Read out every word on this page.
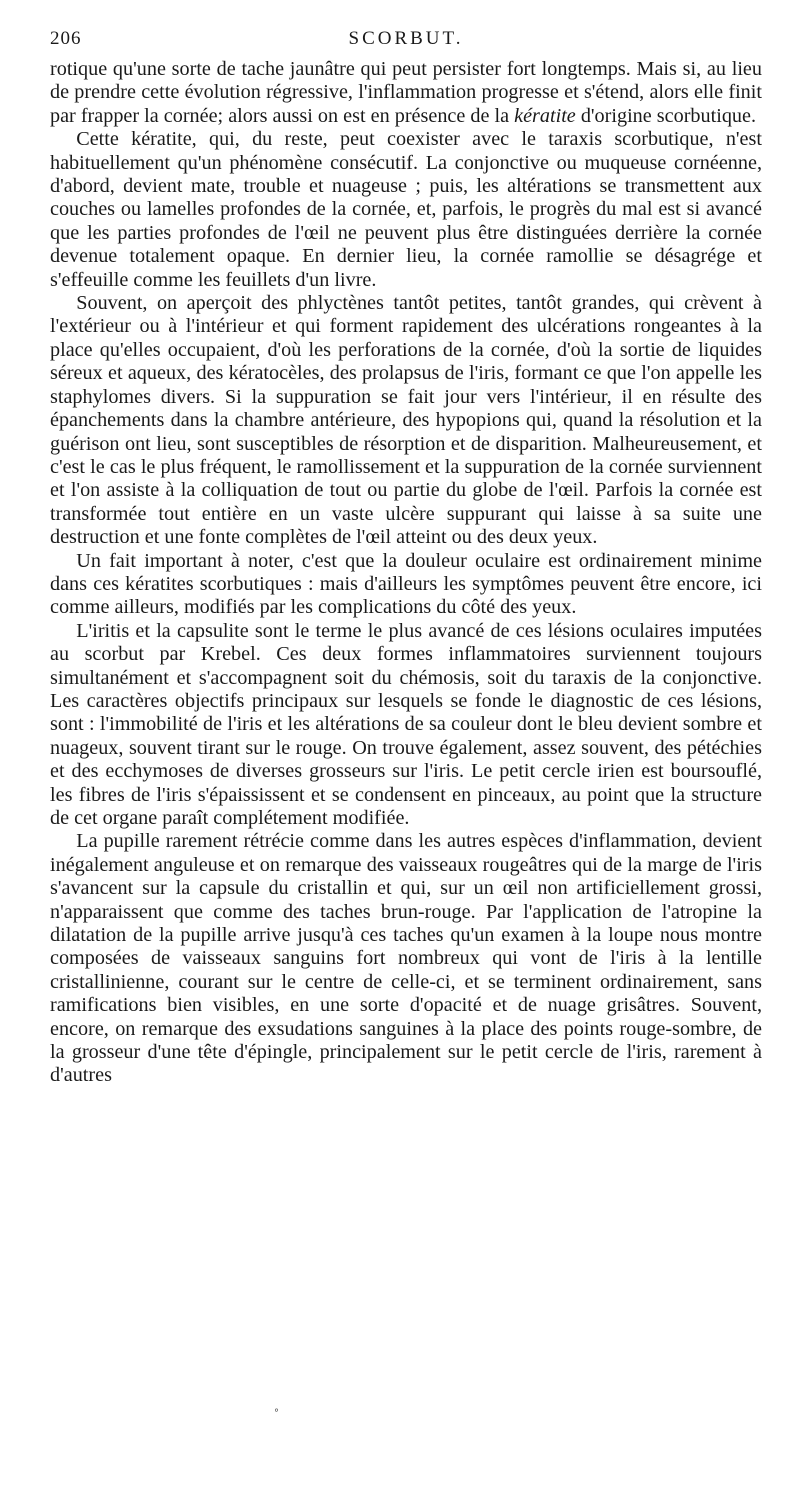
206	SCORBUT.

rotique qu'une sorte de tache jaunâtre qui peut persister fort longtemps. Mais si, au lieu de prendre cette évolution régressive, l'inflammation progresse et s'étend, alors elle finit par frapper la cornée; alors aussi on est en présence de la kératite d'origine scorbutique.

Cette kératite, qui, du reste, peut coexister avec le taraxis scorbutique, n'est habituellement qu'un phénomène consécutif. La conjonctive ou muqueuse cornéenne, d'abord, devient mate, trouble et nuageuse ; puis, les altérations se transmettent aux couches ou lamelles profondes de la cornée, et, parfois, le progrès du mal est si avancé que les parties profondes de l'œil ne peuvent plus être distinguées derrière la cornée devenue totalement opaque. En dernier lieu, la cornée ramollie se désagrége et s'effeuille comme les feuillets d'un livre.

Souvent, on aperçoit des phlyctènes tantôt petites, tantôt grandes, qui crèvent à l'extérieur ou à l'intérieur et qui forment rapidement des ulcérations rongeantes à la place qu'elles occupaient, d'où les perforations de la cornée, d'où la sortie de liquides séreux et aqueux, des kératocèles, des prolapsus de l'iris, formant ce que l'on appelle les staphylomes divers. Si la suppuration se fait jour vers l'intérieur, il en résulte des épanchements dans la chambre antérieure, des hypopions qui, quand la résolution et la guérison ont lieu, sont susceptibles de résorption et de disparition. Malheureusement, et c'est le cas le plus fréquent, le ramollissement et la suppuration de la cornée surviennent et l'on assiste à la colliquation de tout ou partie du globe de l'œil. Parfois la cornée est transformée tout entière en un vaste ulcère suppurant qui laisse à sa suite une destruction et une fonte complètes de l'œil atteint ou des deux yeux.

Un fait important à noter, c'est que la douleur oculaire est ordinairement minime dans ces kératites scorbutiques : mais d'ailleurs les symptômes peuvent être encore, ici comme ailleurs, modifiés par les complications du côté des yeux.

L'iritis et la capsulite sont le terme le plus avancé de ces lésions oculaires imputées au scorbut par Krebel. Ces deux formes inflammatoires surviennent toujours simultanément et s'accompagnent soit du chémosis, soit du taraxis de la conjonctive. Les caractères objectifs principaux sur lesquels se fonde le diagnostic de ces lésions, sont : l'immobilité de l'iris et les altérations de sa couleur dont le bleu devient sombre et nuageux, souvent tirant sur le rouge. On trouve également, assez souvent, des pétéchies et des ecchymoses de diverses grosseurs sur l'iris. Le petit cercle irien est boursouflé, les fibres de l'iris s'épaississent et se condensent en pinceaux, au point que la structure de cet organe paraît complétement modifiée.

La pupille rarement rétrécie comme dans les autres espèces d'inflammation, devient inégalement anguleuse et on remarque des vaisseaux rougeâtres qui de la marge de l'iris s'avancent sur la capsule du cristallin et qui, sur un œil non artificiellement grossi, n'apparaissent que comme des taches brun-rouge. Par l'application de l'atropine la dilatation de la pupille arrive jusqu'à ces taches qu'un examen à la loupe nous montre composées de vaisseaux sanguins fort nombreux qui vont de l'iris à la lentille cristallinienne, courant sur le centre de celle-ci, et se terminent ordinairement, sans ramifications bien visibles, en une sorte d'opacité et de nuage grisâtres. Souvent, encore, on remarque des exsudations sanguines à la place des points rouge-sombre, de la grosseur d'une tête d'épingle, principalement sur le petit cercle de l'iris, rarement à d'autres

°
